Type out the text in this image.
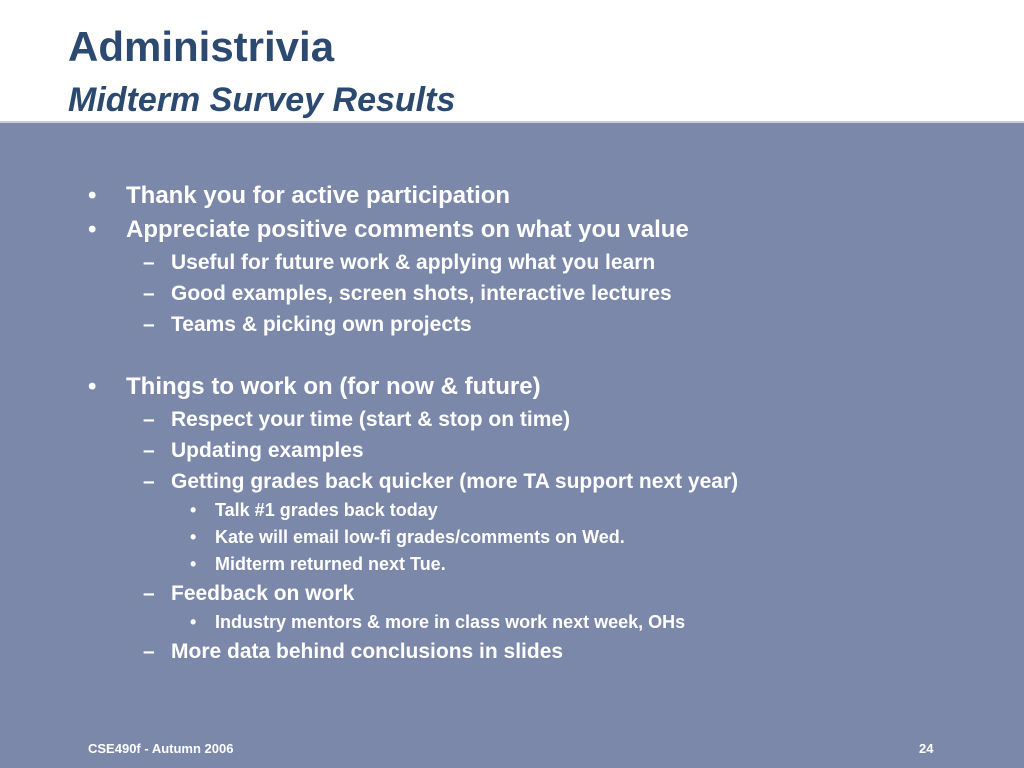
Administrivia
Midterm Survey Results
• Thank you for active participation
• Appreciate positive comments on what you value
– Useful for future work & applying what you learn
– Good examples, screen shots, interactive lectures
– Teams & picking own projects
• Things to work on (for now & future)
– Respect your time (start & stop on time)
– Updating examples
– Getting grades back quicker (more TA support next year)
• Talk #1 grades back today
• Kate will email low-fi grades/comments on Wed.
• Midterm returned next Tue.
– Feedback on work
• Industry mentors & more in class work next week, OHs
– More data behind conclusions in slides
CSE490f - Autumn 2006	24
